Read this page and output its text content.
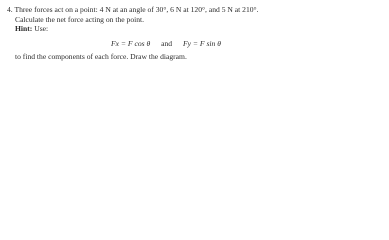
4. Three forces act on a point: 4 N at an angle of 30°, 6 N at 120°, and 5 N at 210°.

Calculate the net force acting on the point.

Hint: Use:

Fx = F cos θ and Fy = F sin θ

to find the components of each force. Draw the diagram.
